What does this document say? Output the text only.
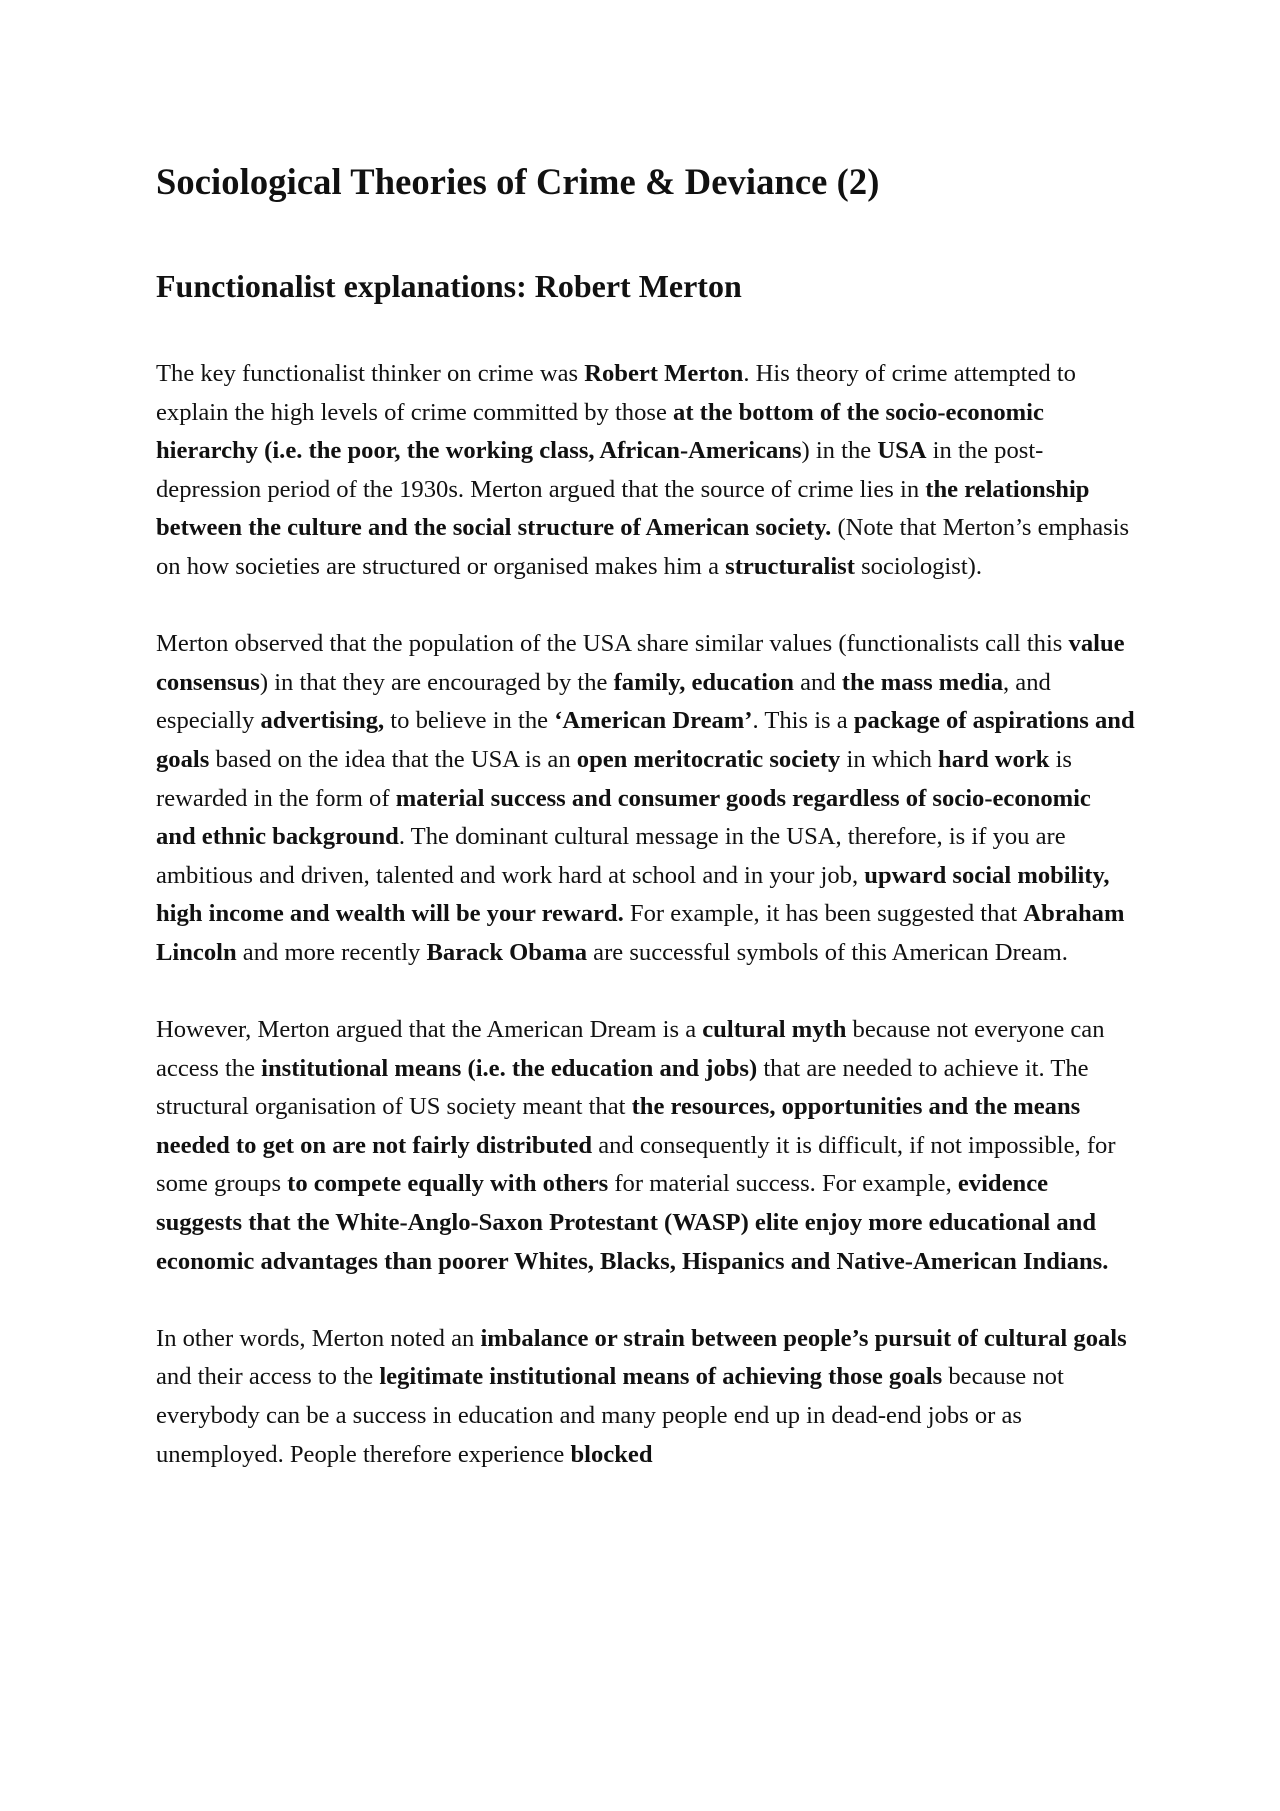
Sociological Theories of Crime & Deviance (2)
Functionalist explanations: Robert Merton

The key functionalist thinker on crime was Robert Merton. His theory of crime attempted to explain the high levels of crime committed by those at the bottom of the socio-economic hierarchy (i.e. the poor, the working class, African-Americans) in the USA in the post-depression period of the 1930s. Merton argued that the source of crime lies in the relationship between the culture and the social structure of American society. (Note that Merton’s emphasis on how societies are structured or organised makes him a structuralist sociologist).

Merton observed that the population of the USA share similar values (functionalists call this value consensus) in that they are encouraged by the family, education and the mass media, and especially advertising, to believe in the ‘American Dream’. This is a package of aspirations and goals based on the idea that the USA is an open meritocratic society in which hard work is rewarded in the form of material success and consumer goods regardless of socio-economic and ethnic background. The dominant cultural message in the USA, therefore, is if you are ambitious and driven, talented and work hard at school and in your job, upward social mobility, high income and wealth will be your reward. For example, it has been suggested that Abraham Lincoln and more recently Barack Obama are successful symbols of this American Dream.

However, Merton argued that the American Dream is a cultural myth because not everyone can access the institutional means (i.e. the education and jobs) that are needed to achieve it. The structural organisation of US society meant that the resources, opportunities and the means needed to get on are not fairly distributed and consequently it is difficult, if not impossible, for some groups to compete equally with others for material success. For example, evidence suggests that the White-Anglo-Saxon Protestant (WASP) elite enjoy more educational and economic advantages than poorer Whites, Blacks, Hispanics and Native-American Indians.

In other words, Merton noted an imbalance or strain between people’s pursuit of cultural goals and their access to the legitimate institutional means of achieving those goals because not everybody can be a success in education and many people end up in dead-end jobs or as unemployed. People therefore experience blocked
